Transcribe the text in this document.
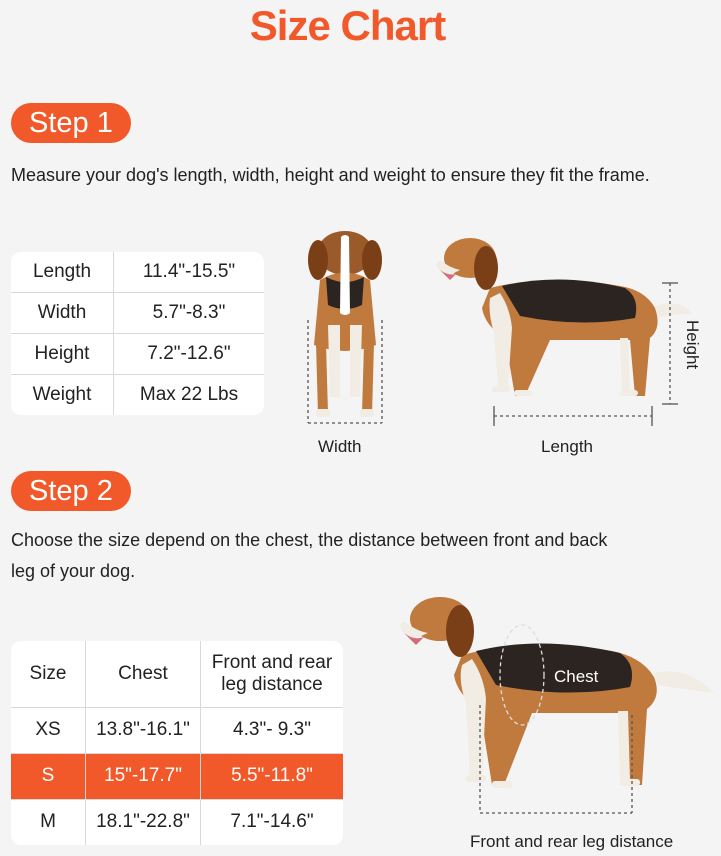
Size Chart
Step 1
Measure your dog's length, width, height and weight to ensure they fit the frame.
Length	11.4"-15.5"
Width	5.7"-8.3"
Height	7.2"-12.6"
Weight	Max 22 Lbs
Width	Length
Height
Step 2
Choose the size depend on the chest, the distance between front and back
leg of your dog.
Size	Chest	Front and rear
leg distance

XS	13.8"-16.1"	4.3"- 9.3"
S	15"-17.7"	5.5"-11.8"
M	18.1"-22.8"	7.1"-14.6"
Chest
Front and rear leg distance
